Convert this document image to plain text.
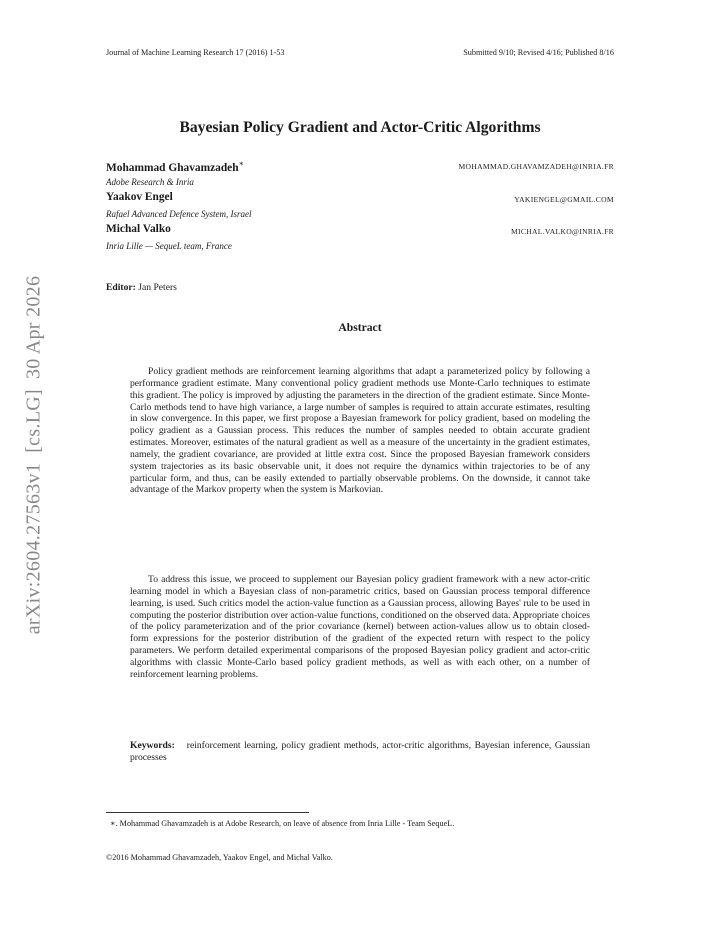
Journal of Machine Learning Research 17 (2016) 1-53	Submitted 9/10; Revised 4/16; Published 8/16
Bayesian Policy Gradient and Actor-Critic Algorithms
Mohammad Ghavamzadeh∗	MOHAMMAD.GHAVAMZADEH@INRIA.FR
Adobe Research & Inria
Yaakov Engel	YAKIENGEL@GMAIL.COM
Rafael Advanced Defence System, Israel
Michal Valko	MICHAL.VALKO@INRIA.FR
Inria Lille — SequeL team, France
Editor: Jan Peters
Abstract

Policy gradient methods are reinforcement learning algorithms that adapt a parameterized policy by following a performance gradient estimate. Many conventional policy gradient methods use Monte-Carlo techniques to estimate this gradient. The policy is improved by adjusting the parameters in the direction of the gradient estimate. Since Monte-Carlo methods tend to have high variance, a large number of samples is required to attain accurate estimates, resulting in slow convergence. In this paper, we first propose a Bayesian framework for policy gradient, based on modeling the policy gradient as a Gaussian process. This reduces the number of samples needed to obtain accurate gradient estimates. Moreover, estimates of the natural gradient as well as a measure of the uncertainty in the gradient estimates, namely, the gradient covariance, are provided at little extra cost. Since the proposed Bayesian framework considers system trajectories as its basic observable unit, it does not require the dynamics within trajectories to be of any particular form, and thus, can be easily extended to partially observable problems. On the downside, it cannot take advantage of the Markov property when the system is Markovian.

To address this issue, we proceed to supplement our Bayesian policy gradient framework with a new actor-critic learning model in which a Bayesian class of non-parametric critics, based on Gaussian process temporal difference learning, is used. Such critics model the action-value function as a Gaussian process, allowing Bayes' rule to be used in computing the posterior distribution over action-value functions, conditioned on the observed data. Appropriate choices of the policy parameterization and of the prior covariance (kernel) between action-values allow us to obtain closed-form expressions for the posterior distribution of the gradient of the expected return with respect to the policy parameters. We perform detailed experimental comparisons of the proposed Bayesian policy gradient and actor-critic algorithms with classic Monte-Carlo based policy gradient methods, as well as with each other, on a number of reinforcement learning problems.

Keywords: reinforcement learning, policy gradient methods, actor-critic algorithms, Bayesian inference, Gaussian processes
∗. Mohammad Ghavamzadeh is at Adobe Research, on leave of absence from Inria Lille - Team SequeL.
©2016 Mohammad Ghavamzadeh, Yaakov Engel, and Michal Valko.
arXiv:2604.27563v1[cs.LG]30 Apr 2026
